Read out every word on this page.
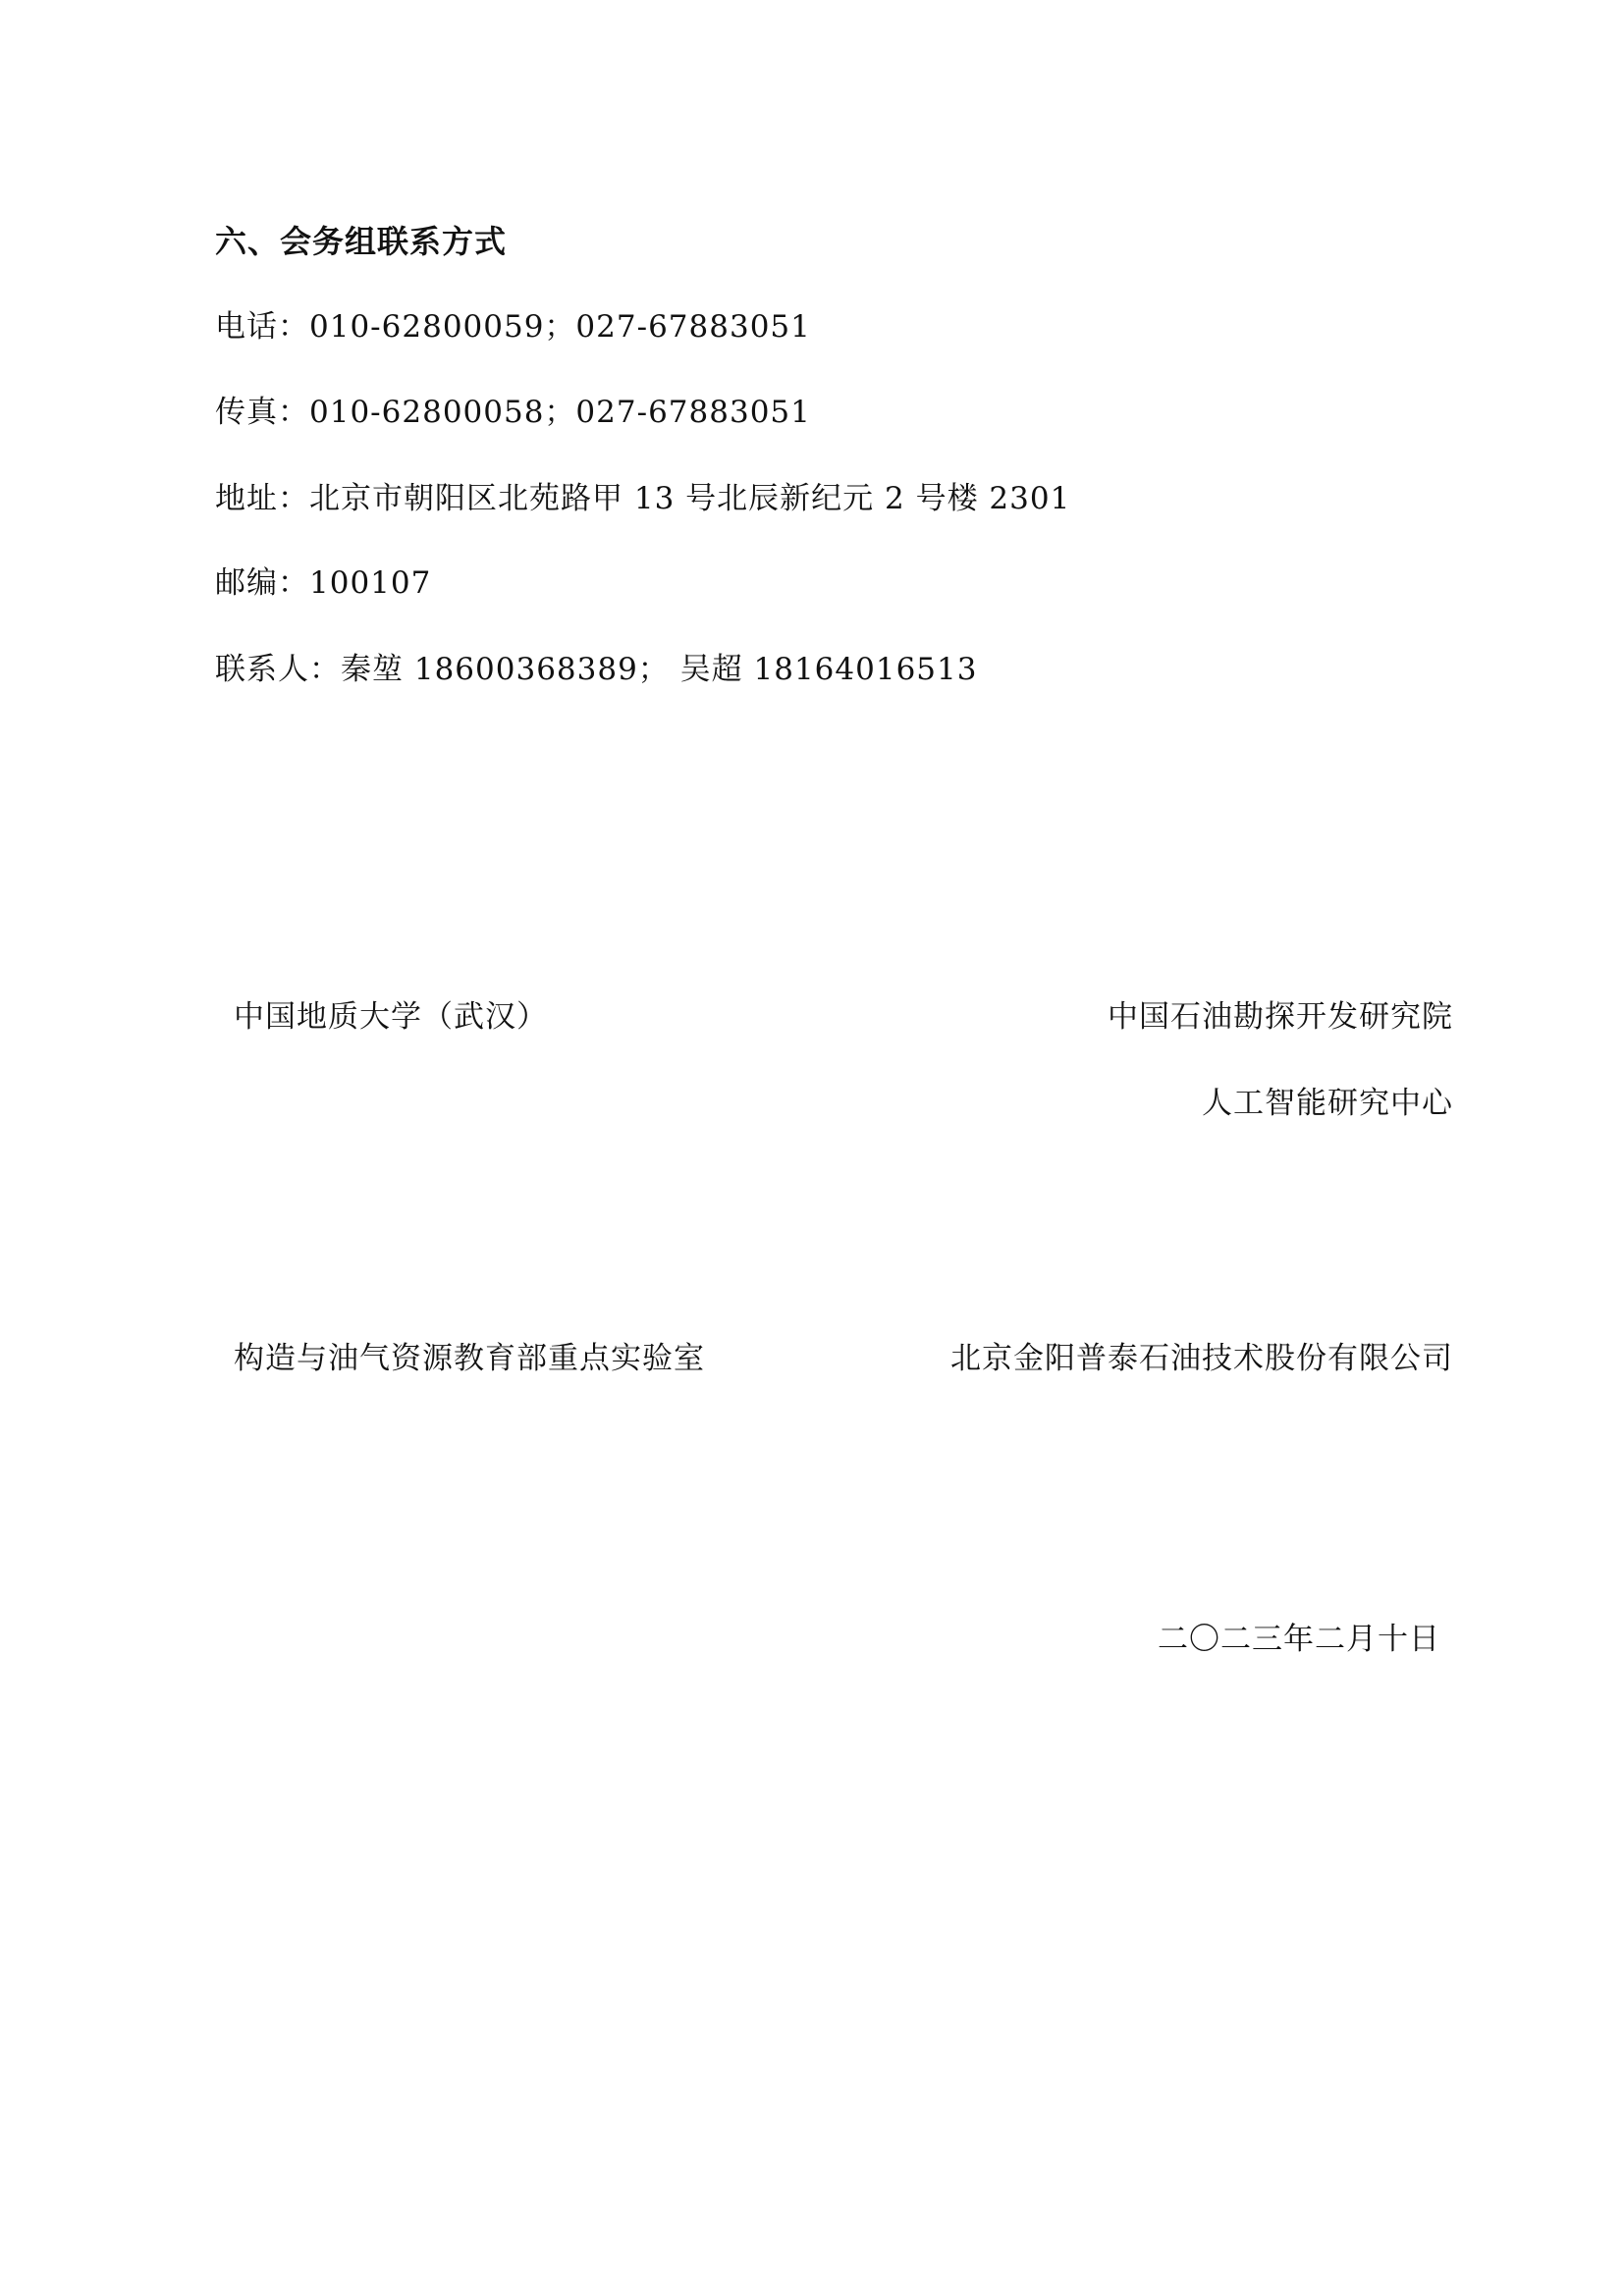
六、会务组联系方式
电话：010-62800059；027-67883051
传真：010-62800058；027-67883051
地址：北京市朝阳区北苑路甲 13 号北辰新纪元 2 号楼 2301
邮编：100107
联系人：秦堃 18600368389； 吴超 18164016513
中国地质大学（武汉）	中国石油勘探开发研究院
人工智能研究中心
构造与油气资源教育部重点实验室	北京金阳普泰石油技术股份有限公司
二〇二三年二月十日
